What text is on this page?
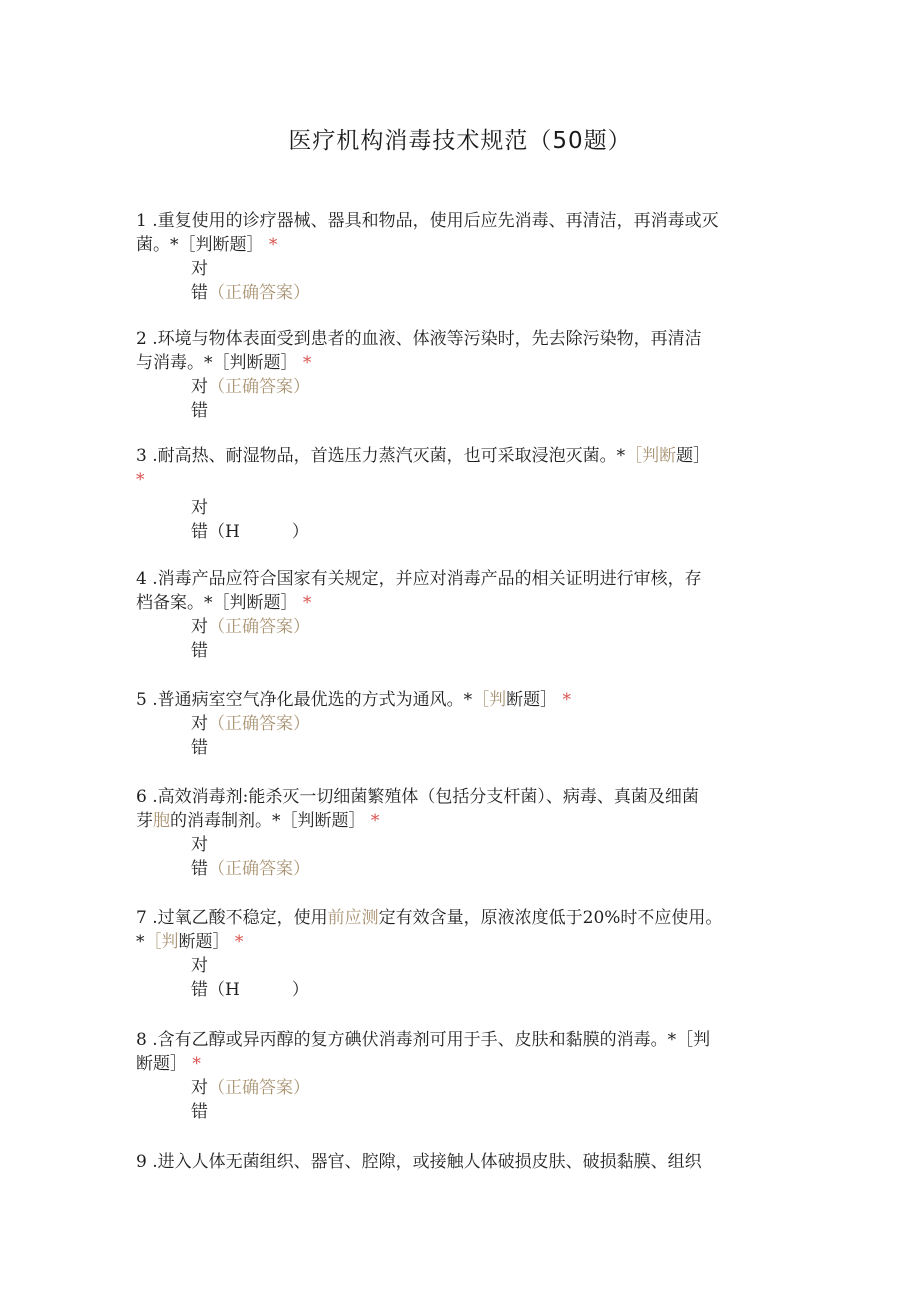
医疗机构消毒技术规范（50题）
1 .重复使用的诊疗器械、器具和物品，使用后应先消毒、再清洁，再消毒或灭
菌。*［判断题］ *
对
错（正确答案）
2 .环境与物体表面受到患者的血液、体液等污染时，先去除污染物，再清洁
与消毒。*［判断题］ *
对（正确答案）
错
3 .耐高热、耐湿物品，首选压力蒸汽灭菌，也可采取浸泡灭菌。*［判断题］
*
对
错（H	）
4 .消毒产品应符合国家有关规定，并应对消毒产品的相关证明进行审核，存
档备案。*［判断题］ *
对（正确答案）
错
5 .普通病室空气净化最优选的方式为通风。*［判断题］ *
对（正确答案）
错
6 .高效消毒剂:能杀灭一切细菌繁殖体（包括分支杆菌）、病毒、真菌及细菌
芽胞的消毒制剂。*［判断题］ *
对
错（正确答案）
7 .过氧乙酸不稳定，使用前应测定有效含量，原液浓度低于20%时不应使用。
*［判断题］ *
对
错（H	）
8 .含有乙醇或异丙醇的复方碘伏消毒剂可用于手、皮肤和黏膜的消毒。*［判
断题］ *
对（正确答案）
错
9 .进入人体无菌组织、器官、腔隙，或接触人体破损皮肤、破损黏膜、组织
